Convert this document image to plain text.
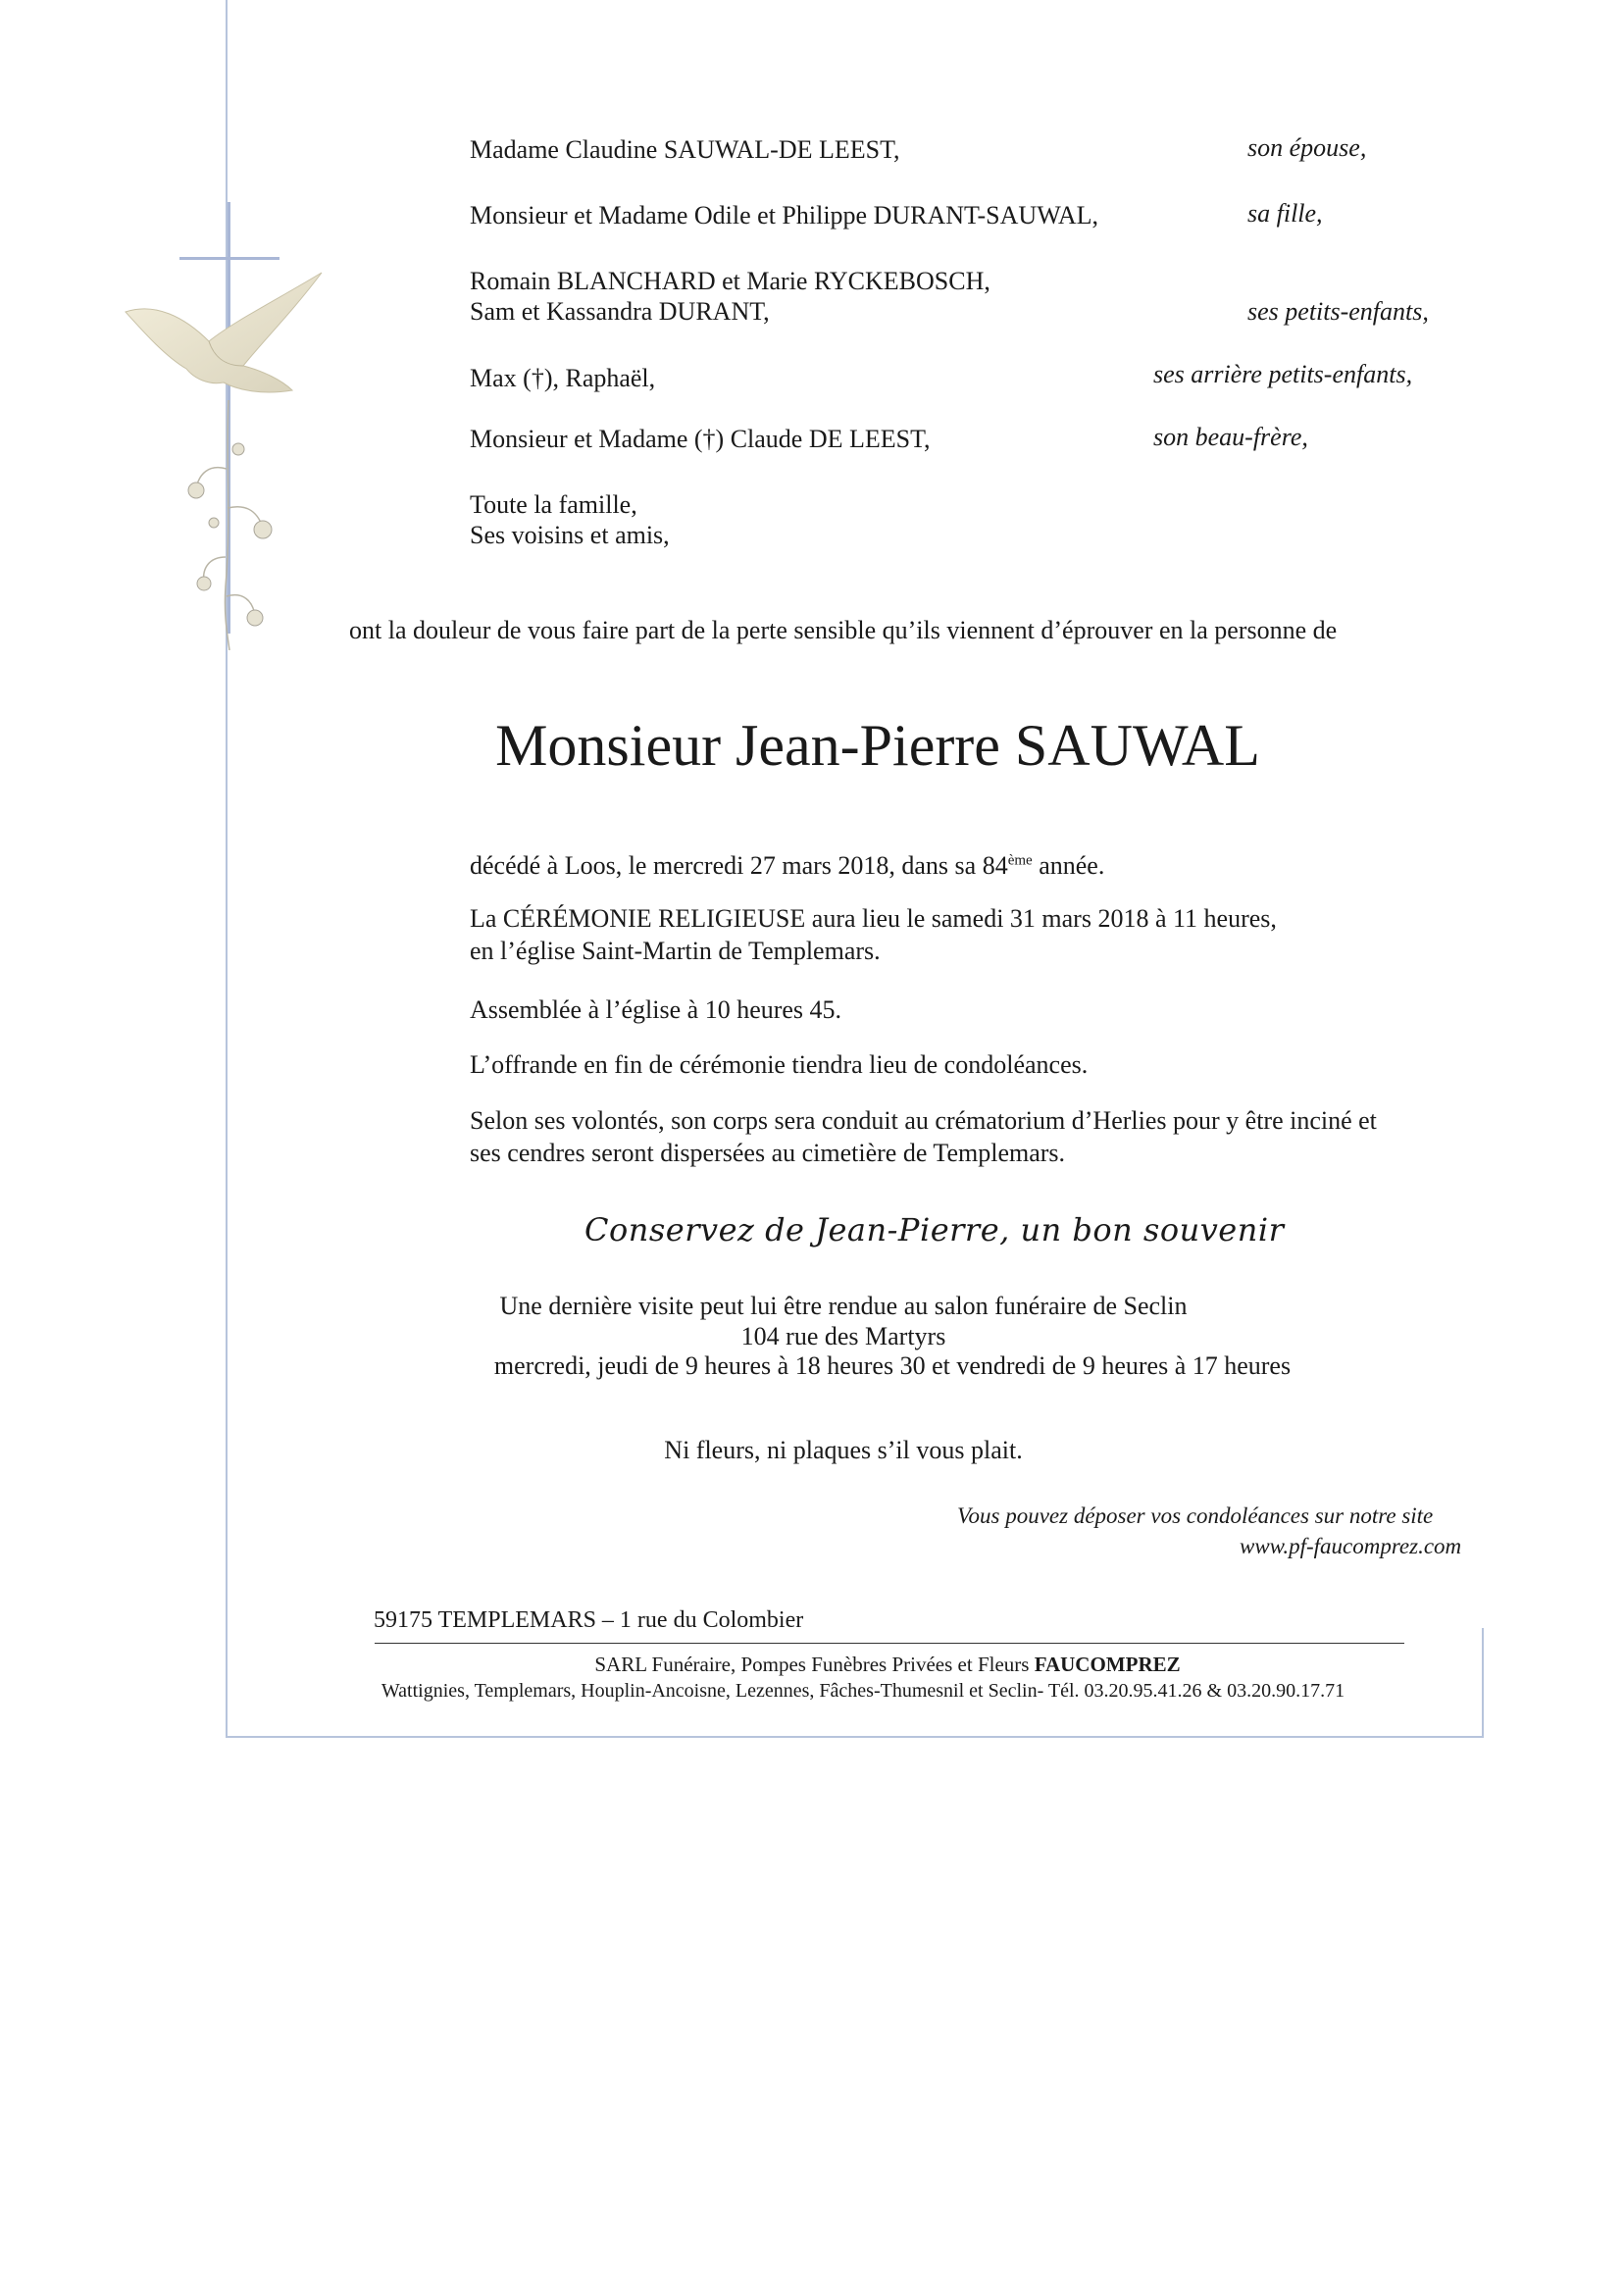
Madame Claudine SAUWAL-DE LEEST,	son épouse,
Monsieur et Madame Odile et Philippe DURANT-SAUWAL,	sa fille,
Romain BLANCHARD et Marie RYCKEBOSCH,
Sam et Kassandra DURANT,	ses petits-enfants,
Max (†), Raphaël,	ses arrière petits-enfants,
Monsieur et Madame (†) Claude DE LEEST,	son beau-frère,
Toute la famille,
Ses voisins et amis,
ont la douleur de vous faire part de la perte sensible qu’ils viennent d’éprouver en la personne de
Monsieur Jean-Pierre SAUWAL
décédé à Loos, le mercredi 27 mars 2018, dans sa 84ème année.
La CÉRÉMONIE RELIGIEUSE aura lieu le samedi 31 mars 2018 à 11 heures,
en l’église Saint-Martin de Templemars.
Assemblée à l’église à 10 heures 45.
L’offrande en fin de cérémonie tiendra lieu de condoléances.
Selon ses volontés, son corps sera conduit au crématorium d’Herlies pour y être inciné et
ses cendres seront dispersées au cimetière de Templemars.
Conservez de Jean-Pierre, un bon souvenir
Une dernière visite peut lui être rendue au salon funéraire de Seclin
104 rue des Martyrs
mercredi, jeudi de 9 heures à 18 heures 30 et vendredi de 9 heures à 17 heures
Ni fleurs, ni plaques s’il vous plait.
Vous pouvez déposer vos condoléances sur notre site
www.pf-faucomprez.com
59175 TEMPLEMARS – 1 rue du Colombier
SARL Funéraire, Pompes Funèbres Privées et Fleurs FAUCOMPREZ
Wattignies, Templemars, Houplin-Ancoisne, Lezennes, Fâches-Thumesnil et Seclin- Tél. 03.20.95.41.26 & 03.20.90.17.71
